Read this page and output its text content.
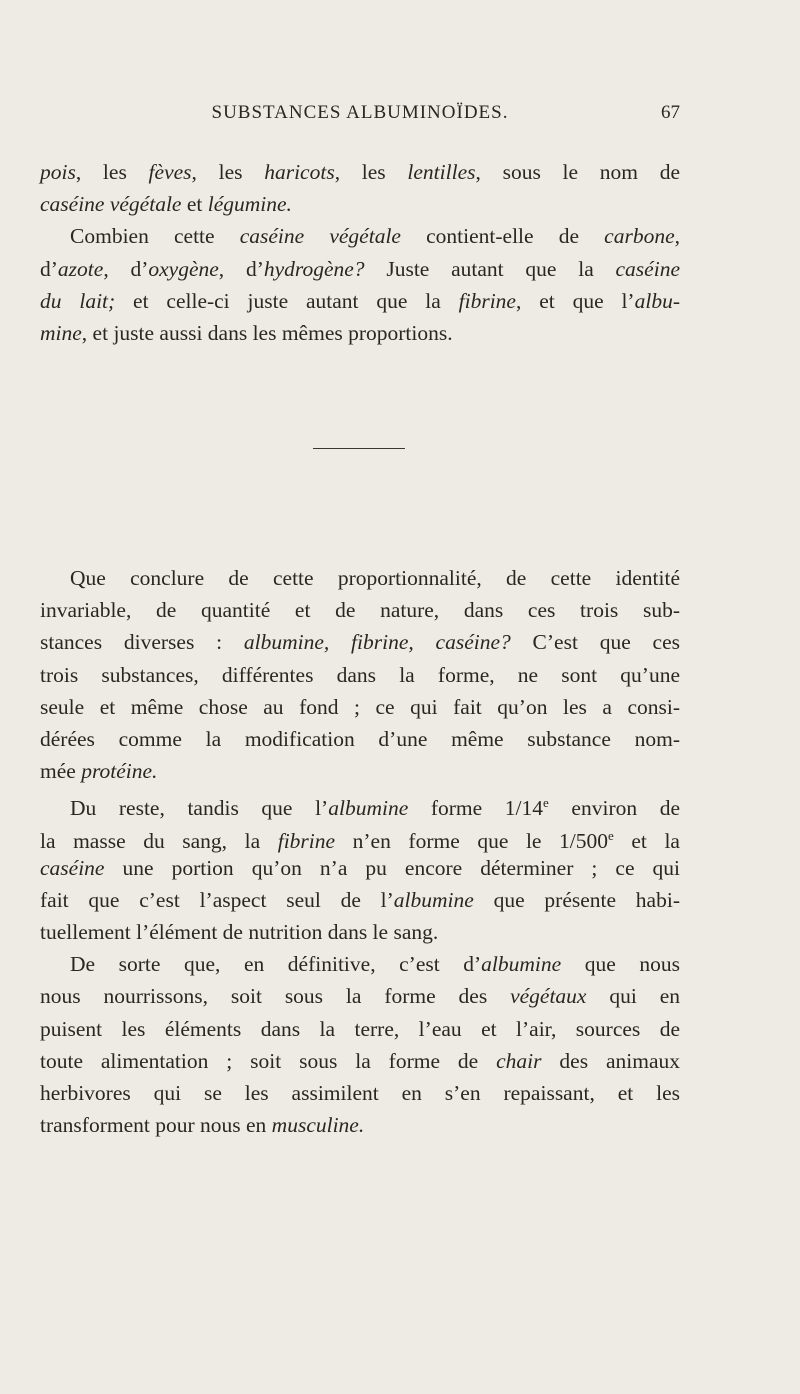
SUBSTANCES ALBUMINOÏDES.	67
pois, les fèves, les haricots, les lentilles, sous le nom de
caséine végétale et légumine.
Combien cette caséine végétale contient-elle de carbone,
d’azote, d’oxygène, d’hydrogène? Juste autant que la caséine
du lait; et celle-ci juste autant que la fibrine, et que l’albu-
mine, et juste aussi dans les mêmes proportions.
Que conclure de cette proportionnalité, de cette identité
invariable, de quantité et de nature, dans ces trois sub-
stances diverses : albumine, fibrine, caséine? C’est que ces
trois substances, différentes dans la forme, ne sont qu’une
seule et même chose au fond ; ce qui fait qu’on les a consi-
dérées comme la modification d’une même substance nom-
mée protéine.
Du reste, tandis que l’albumine forme 1/14e environ de
la masse du sang, la fibrine n’en forme que le 1/500e et la
caséine une portion qu’on n’a pu encore déterminer ; ce qui
fait que c’est l’aspect seul de l’albumine que présente habi-
tuellement l’élément de nutrition dans le sang.
De sorte que, en définitive, c’est d’albumine que nous
nous nourrissons, soit sous la forme des végétaux qui en
puisent les éléments dans la terre, l’eau et l’air, sources de
toute alimentation ; soit sous la forme de chair des animaux
herbivores qui se les assimilent en s’en repaissant, et les
transforment pour nous en musculine.
